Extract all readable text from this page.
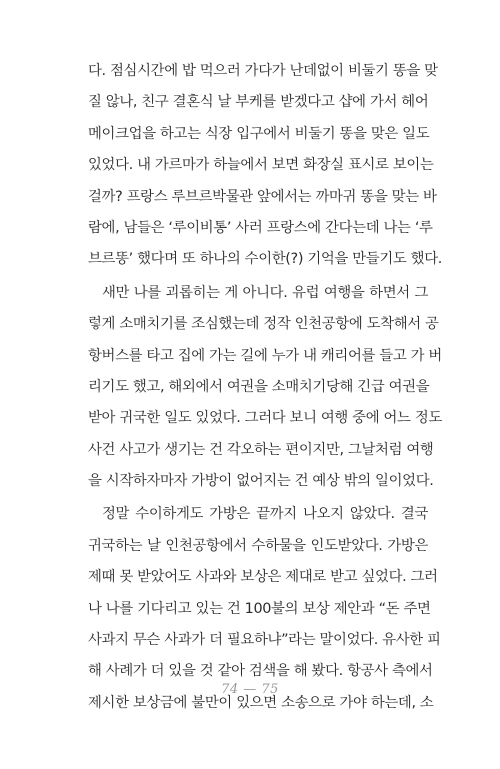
다. 점심시간에 밥 먹으러 가다가 난데없이 비둘기 똥을 맞
질 않나, 친구 결혼식 날 부케를 받겠다고 샵에 가서 헤어
메이크업을 하고는 식장 입구에서 비둘기 똥을 맞은 일도
있었다. 내 가르마가 하늘에서 보면 화장실 표시로 보이는
걸까? 프랑스 루브르박물관 앞에서는 까마귀 똥을 맞는 바
람에, 남들은 ‘루이비통’ 사러 프랑스에 간다는데 나는 ‘루
브르똥’ 했다며 또 하나의 수이한(?) 기억을 만들기도 했다.
새만 나를 괴롭히는 게 아니다. 유럽 여행을 하면서 그
렇게 소매치기를 조심했는데 정작 인천공항에 도착해서 공
항버스를 타고 집에 가는 길에 누가 내 캐리어를 들고 가 버
리기도 했고, 해외에서 여권을 소매치기당해 긴급 여권을
받아 귀국한 일도 있었다. 그러다 보니 여행 중에 어느 정도
사건 사고가 생기는 건 각오하는 편이지만, 그날처럼 여행
을 시작하자마자 가방이 없어지는 건 예상 밖의 일이었다.
정말 수이하게도 가방은 끝까지 나오지 않았다. 결국
귀국하는 날 인천공항에서 수하물을 인도받았다. 가방은
제때 못 받았어도 사과와 보상은 제대로 받고 싶었다. 그러
나 나를 기다리고 있는 건 100불의 보상 제안과 “돈 주면
사과지 무슨 사과가 더 필요하냐”라는 말이었다. 유사한 피
해 사례가 더 있을 것 같아 검색을 해 봤다. 항공사 측에서
제시한 보상금에 불만이 있으면 소송으로 가야 하는데, 소
74 — 75
